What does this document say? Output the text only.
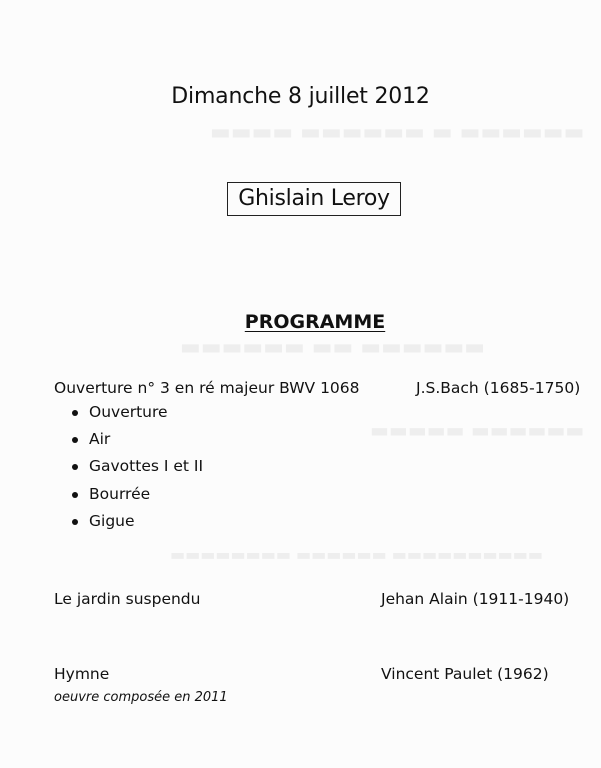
▬▬▬▬▬▬ ▬ ▬▬▬▬▬▬ ▬▬▬▬
▬▬▬▬▬▬ ▬▬ ▬▬▬▬▬▬
▬▬▬▬▬▬ ▬▬▬▬▬
▬▬▬▬▬▬▬▬▬▬ ▬▬▬▬▬▬ ▬▬▬▬▬▬▬▬
Dimanche 8 juillet 2012
Ghislain Leroy
PROGRAMME
Ouverture n° 3 en ré majeur BWV 1068	J.S.Bach (1685-1750)
Ouverture
Air
Gavottes I et II
Bourrée
Gigue
Le jardin suspendu	Jehan Alain (1911-1940)
Hymne	Vincent Paulet (1962)
oeuvre composée en 2011
